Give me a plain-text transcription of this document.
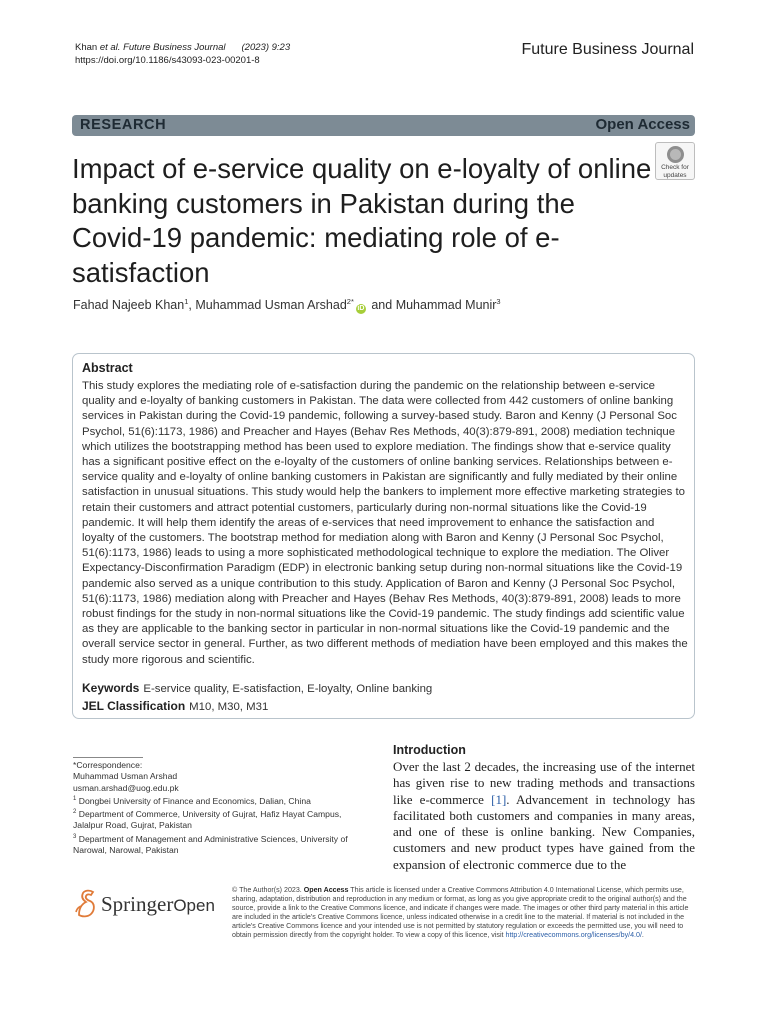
Khan et al. Future Business Journal (2023) 9:23
https://doi.org/10.1186/s43093-023-00201-8
Future Business Journal
RESEARCH	Open Access
Impact of e-service quality on e-loyalty of online banking customers in Pakistan during the Covid-19 pandemic: mediating role of e-satisfaction
Check for
updates
Fahad Najeeb Khan$^1$, Muhammad Usman Arshad$^{2*}$iD and Muhammad Munir$^3$
Abstract
This study explores the mediating role of e-satisfaction during the pandemic on the relationship between e-service quality and e-loyalty of banking customers in Pakistan. The data were collected from 442 customers of online banking services in Pakistan during the Covid-19 pandemic, following a survey-based study. Baron and Kenny (J Personal Soc Psychol, 51(6):1173, 1986) and Preacher and Hayes (Behav Res Methods, 40(3):879-891, 2008) mediation technique which utilizes the bootstrapping method has been used to explore mediation. The findings show that e-service quality has a significant positive effect on the e-loyalty of the customers of online banking services. Relationships between e-service quality and e-loyalty of online banking customers in Pakistan are significantly and fully mediated by their online satisfaction in unusual situations. This study would help the bankers to implement more effective marketing strategies to retain their customers and attract potential customers, particularly during non-normal situations like the Covid-19 pandemic. It will help them identify the areas of e-services that need improvement to enhance the satisfaction and loyalty of the customers. The bootstrap method for mediation along with Baron and Kenny (J Personal Soc Psychol, 51(6):1173, 1986) leads to using a more sophisticated methodological technique to explore the mediation. The Oliver Expectancy-Disconfirmation Paradigm (EDP) in electronic banking setup during non-normal situations like the Covid-19 pandemic also served as a unique contribution to this study. Application of Baron and Kenny (J Personal Soc Psychol, 51(6):1173, 1986) mediation along with Preacher and Hayes (Behav Res Methods, 40(3):879-891, 2008) leads to more robust findings for the study in non-normal situations like the Covid-19 pandemic. The study findings add scientific value as they are applicable to the banking sector in particular in non-normal situations like the Covid-19 pandemic and the overall service sector in general. Further, as two different methods of mediation have been employed and this makes the study more rigorous and scientific.
Keywords E-service quality, E-satisfaction, E-loyalty, Online banking
JEL Classification M10, M30, M31
*Correspondence:
Muhammad Usman Arshad
usman.arshad@uog.edu.pk
$^1$ Dongbei University of Finance and Economics, Dalian, China
$^2$ Department of Commerce, University of Gujrat, Hafiz Hayat Campus, Jalalpur Road, Gujrat, Pakistan
$^3$ Department of Management and Administrative Sciences, University of Narowal, Narowal, Pakistan
Introduction
Over the last 2 decades, the increasing use of the internet has given rise to new trading methods and transactions like e-commerce [1]. Advancement in technology has facilitated both customers and companies in many areas, and one of these is online banking. New Companies, customers and new product types have gained from the expansion of electronic commerce due to the
SpringerOpen
© The Author(s) 2023. Open Access This article is licensed under a Creative Commons Attribution 4.0 International License, which permits use, sharing, adaptation, distribution and reproduction in any medium or format, as long as you give appropriate credit to the original author(s) and the source, provide a link to the Creative Commons licence, and indicate if changes were made. The images or other third party material in this article are included in the article's Creative Commons licence, unless indicated otherwise in a credit line to the material. If material is not included in the article's Creative Commons licence and your intended use is not permitted by statutory regulation or exceeds the permitted use, you will need to obtain permission directly from the copyright holder. To view a copy of this licence, visit http://creativecommons.org/licenses/by/4.0/.
